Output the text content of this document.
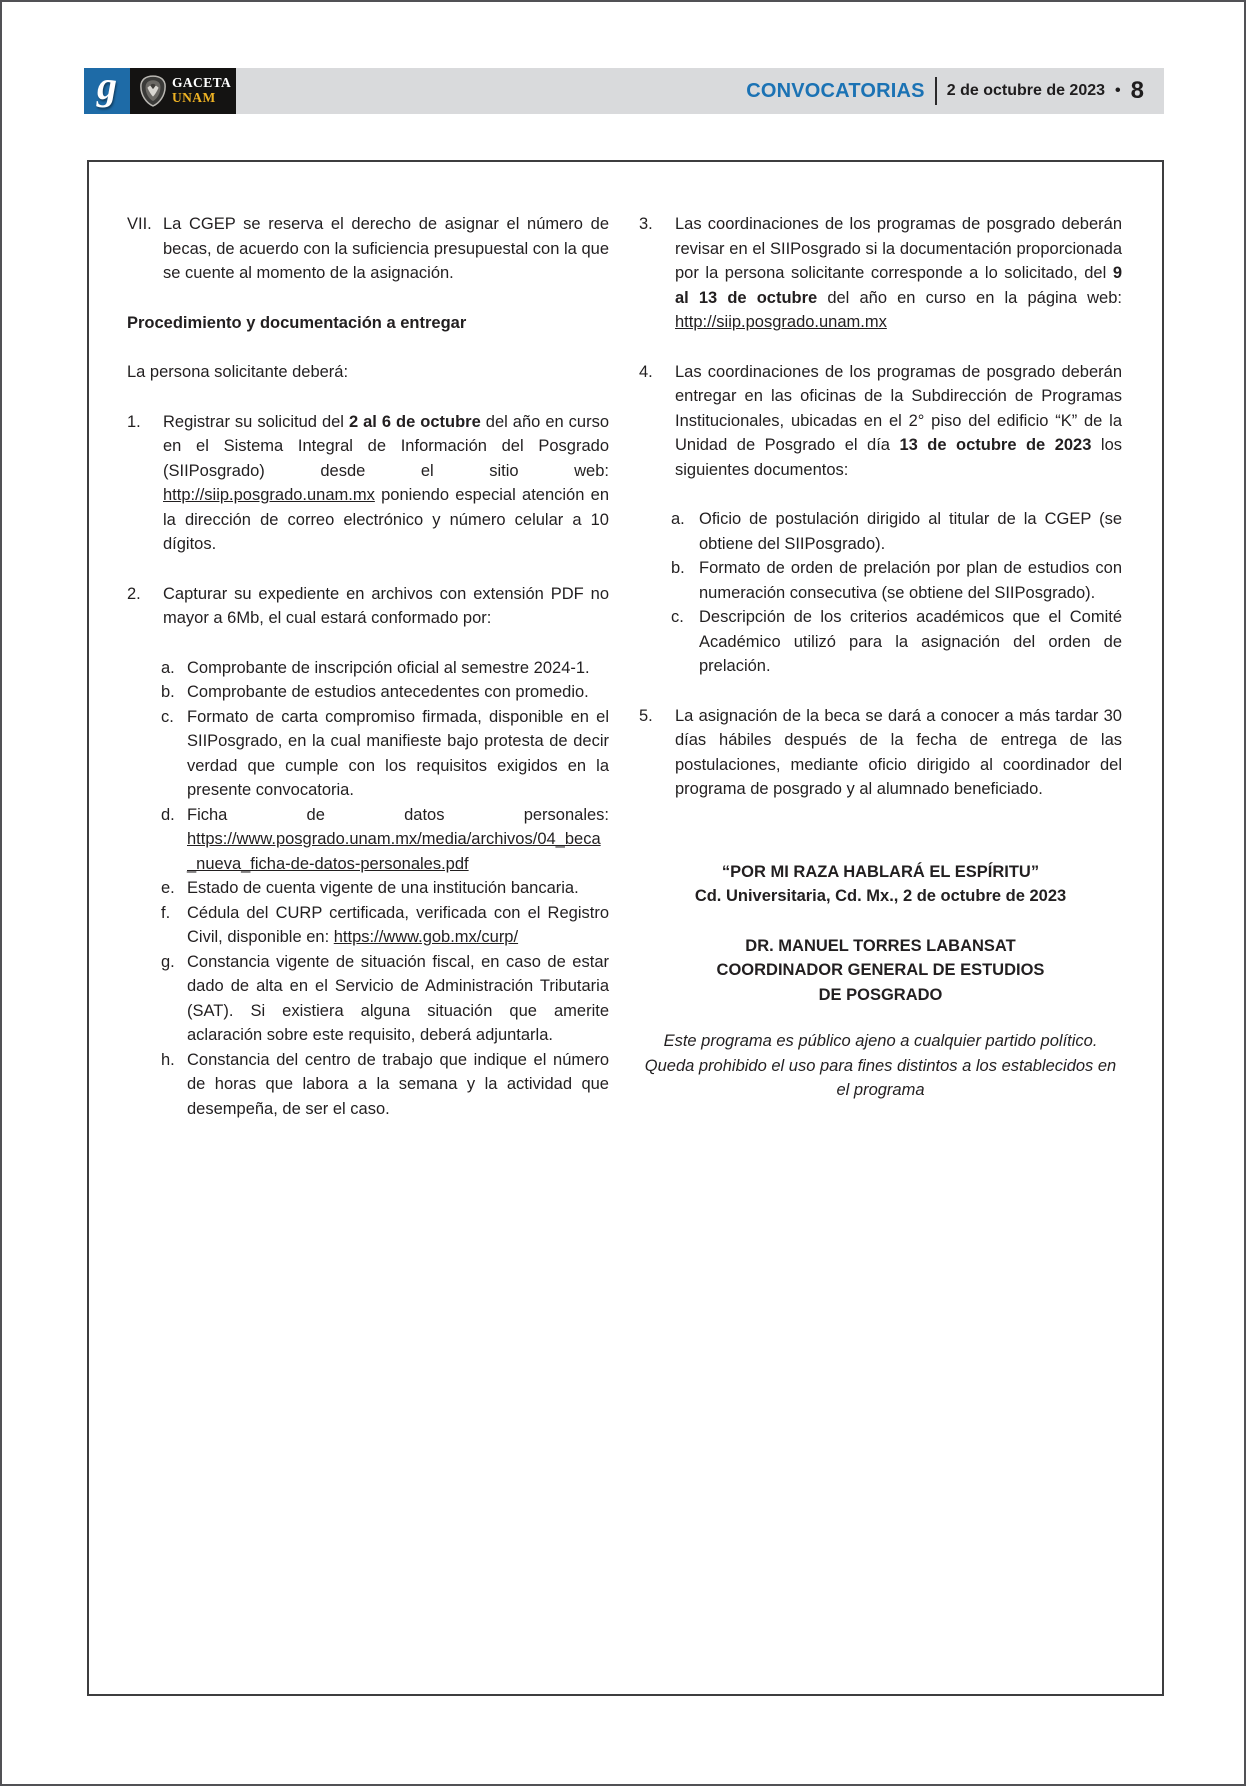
g	GACETA
UNAM	CONVOCATORIAS 2 de octubre de 2023 • 8
VII. La CGEP se reserva el derecho de asignar el número de becas, de acuerdo con la suficiencia presupuestal con la que se cuente al momento de la asignación.
Procedimiento y documentación a entregar

La persona solicitante deberá:

1. Registrar su solicitud del 2 al 6 de octubre del año en curso en el Sistema Integral de Información del Posgrado (SIIPosgrado) desde el sitio web: http://siip.posgrado.unam.mx poniendo especial atención en la dirección de correo electrónico y número celular a 10 dígitos.
2. Capturar su expediente en archivos con extensión PDF no mayor a 6Mb, el cual estará conformado por:
a. Comprobante de inscripción oficial al semestre 2024-1.
b. Comprobante de estudios antecedentes con promedio.
c. Formato de carta compromiso firmada, disponible en el SIIPosgrado, en la cual manifieste bajo protesta de decir verdad que cumple con los requisitos exigidos en la presente convocatoria.
d. Ficha de datos personales: https://www.posgrado.unam.mx/media/archivos/04_beca_nueva_ficha-de-datos-personales.pdf
e. Estado de cuenta vigente de una institución bancaria.
f. Cédula del CURP certificada, verificada con el Registro Civil, disponible en: https://www.gob.mx/curp/
g. Constancia vigente de situación fiscal, en caso de estar dado de alta en el Servicio de Administración Tributaria (SAT). Si existiera alguna situación que amerite aclaración sobre este requisito, deberá adjuntarla.
h. Constancia del centro de trabajo que indique el número de horas que labora a la semana y la actividad que desempeña, de ser el caso.
3. Las coordinaciones de los programas de posgrado deberán revisar en el SIIPosgrado si la documentación proporcionada por la persona solicitante corresponde a lo solicitado, del 9 al 13 de octubre del año en curso en la página web: http://siip.posgrado.unam.mx
4. Las coordinaciones de los programas de posgrado deberán entregar en las oficinas de la Subdirección de Programas Institucionales, ubicadas en el 2° piso del edificio “K” de la Unidad de Posgrado el día 13 de octubre de 2023 los siguientes documentos:
a. Oficio de postulación dirigido al titular de la CGEP (se obtiene del SIIPosgrado).
b. Formato de orden de prelación por plan de estudios con numeración consecutiva (se obtiene del SIIPosgrado).
c. Descripción de los criterios académicos que el Comité Académico utilizó para la asignación del orden de prelación.
5. La asignación de la beca se dará a conocer a más tardar 30 días hábiles después de la fecha de entrega de las postulaciones, mediante oficio dirigido al coordinador del programa de posgrado y al alumnado beneficiado.
“POR MI RAZA HABLARÁ EL ESPÍRITU”
Cd. Universitaria, Cd. Mx., 2 de octubre de 2023
DR. MANUEL TORRES LABANSAT
COORDINADOR GENERAL DE ESTUDIOS
DE POSGRADO
Este programa es público ajeno a cualquier partido político. Queda prohibido el uso para fines distintos a los establecidos en el programa
